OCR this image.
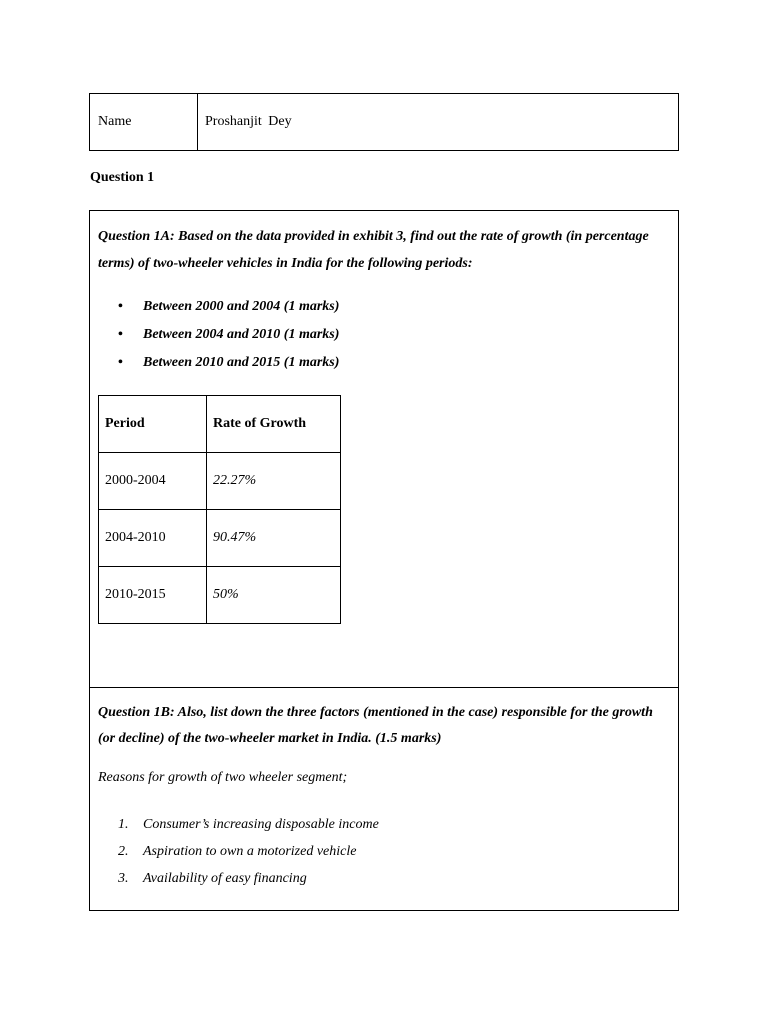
Name	Proshanjit Dey
Question 1
Question 1A: Based on the data provided in exhibit 3, find out the rate of growth (in percentage terms) of two-wheeler vehicles in India for the following periods:
• Between 2000 and 2004 (1 marks)
• Between 2004 and 2010 (1 marks)
• Between 2010 and 2015 (1 marks)
Period	Rate of Growth
2000-2004	22.27%
2004-2010	90.47%
2010-2015	50%
Question 1B: Also, list down the three factors (mentioned in the case) responsible for the growth (or decline) of the two-wheeler market in India. (1.5 marks)
Reasons for growth of two wheeler segment;
1. Consumer’s increasing disposable income
2. Aspiration to own a motorized vehicle
3. Availability of easy financing
